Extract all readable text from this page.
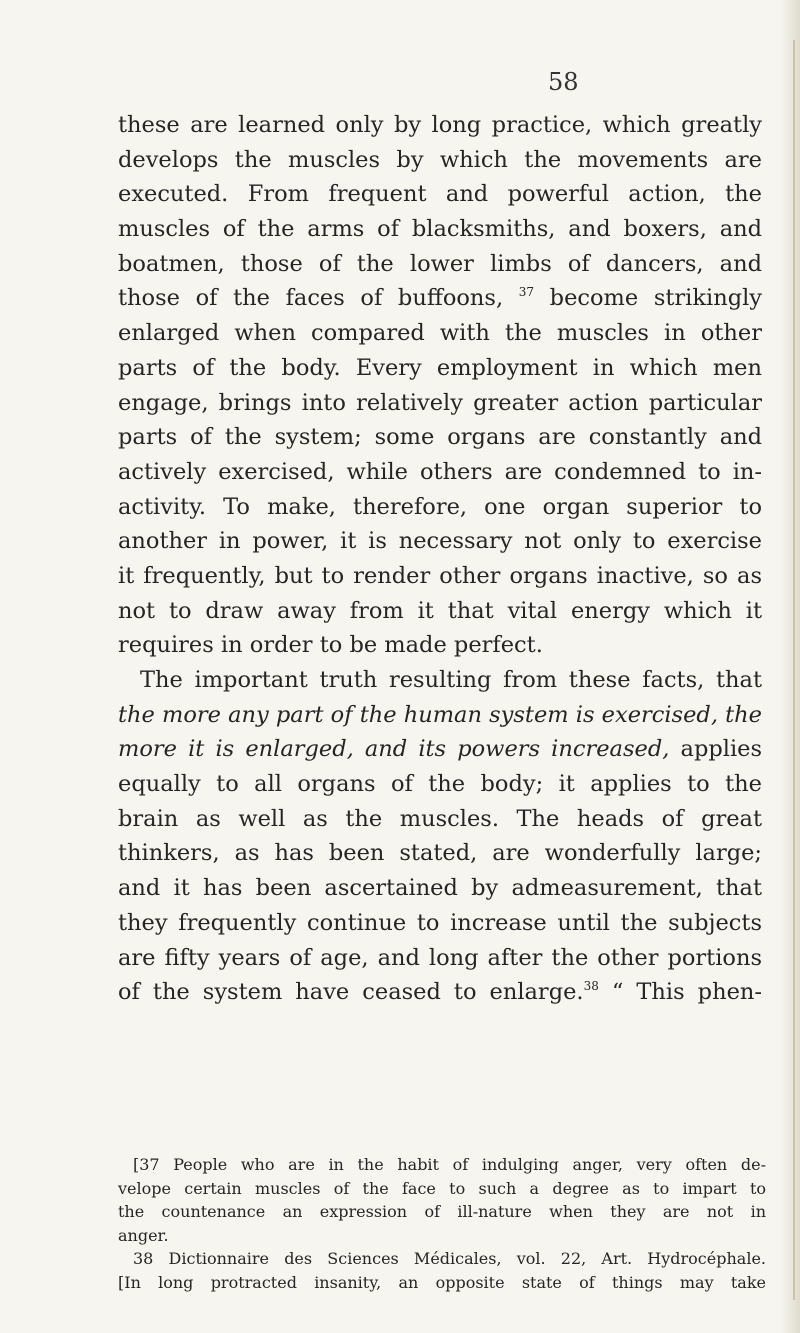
58
these are learned only by long practice, which greatly
develops the muscles by which the movements are
executed. From frequent and powerful action, the
muscles of the arms of blacksmiths, and boxers, and
boatmen, those of the lower limbs of dancers, and
those of the faces of buffoons, $^{37}$ become strikingly
enlarged when compared with the muscles in other
parts of the body. Every employment in which men
engage, brings into relatively greater action particular
parts of the system; some organs are constantly and
actively exercised, while others are condemned to in-
activity. To make, therefore, one organ superior to
another in power, it is necessary not only to exercise
it frequently, but to render other organs inactive, so as
not to draw away from it that vital energy which it
requires in order to be made perfect.
The important truth resulting from these facts, that
the more any part of the human system is exercised, the
more it is enlarged, and its powers increased, applies
equally to all organs of the body; it applies to the
brain as well as the muscles. The heads of great
thinkers, as has been stated, are wonderfully large;
and it has been ascertained by admeasurement, that
they frequently continue to increase until the subjects
are fifty years of age, and long after the other portions
of the system have ceased to enlarge.$^{38}$ “ This phen-
[37 People who are in the habit of indulging anger, very often de-
velope certain muscles of the face to such a degree as to impart to
the countenance an expression of ill-nature when they are not in
anger.
38 Dictionnaire des Sciences Médicales, vol. 22, Art. Hydrocéphale.
[In long protracted insanity, an opposite state of things may take
